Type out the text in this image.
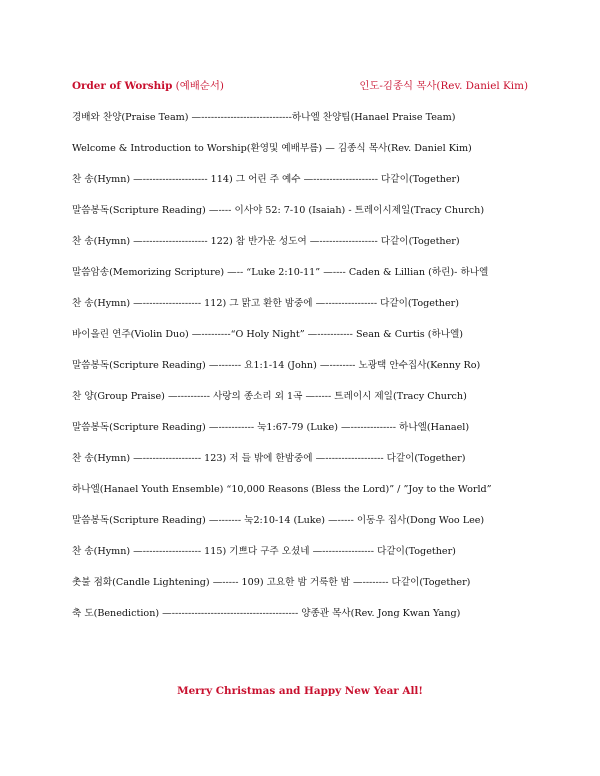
Order of Worship (예배순서)	인도-김종식 목사(Rev. Daniel Kim)
경배와 찬양(Praise Team) —----------------------------하나엘 찬양팀(Hanael Praise Team)
Welcome & Introduction to Worship(환영및 예배부름) — 김종식 목사(Rev. Daniel Kim)
찬 송(Hymn) —-------------------- 114) 그 어린 주 예수 —-------------------- 다같이(Together)
말씀봉독(Scripture Reading) —---- 이사야 52: 7-10 (Isaiah) - 트레이시제일(Tracy Church)
찬 송(Hymn) —-------------------- 122) 참 반가운 성도여 —------------------ 다같이(Together)
말씀암송(Memorizing Scripture) —-- “Luke 2:10-11” —---- Caden & Lillian (하린)- 하나엘
찬 송(Hymn) —------------------ 112) 그 맑고 환한 밤중에 —---------------- 다같이(Together)
바이올린 연주(Violin Duo) —---------“O Holy Night” —----------- Sean & Curtis (하나엘)
말씀봉독(Scripture Reading) —------- 요1:1-14 (John) —-------- 노광택 안수집사(Kenny Ro)
찬 양(Group Praise) —---------- 사랑의 종소리 외 1곡 —----- 트레이시 제일(Tracy Church)
말씀봉독(Scripture Reading) —----------- 눅1:67-79 (Luke) —-------------- 하나엘(Hanael)
찬 송(Hymn) —------------------ 123) 저 들 밖에 한밤중에 —------------------ 다같이(Together)
하나엘(Hanael Youth Ensemble) “10,000 Reasons (Bless the Lord)” / ”Joy to the World”
말씀봉독(Scripture Reading) —------- 눅2:10-14 (Luke) —----- 이동우 집사(Dong Woo Lee)
찬 송(Hymn) —------------------ 115) 기쁘다 구주 오셨네 —---------------- 다같이(Together)
촛불 점화(Candle Lightening) —----- 109) 고요한 밤 거룩한 밤 —-------- 다같이(Together)
축 도(Benediction) —--------------------------------------- 양종관 목사(Rev. Jong Kwan Yang)
Merry Christmas and Happy New Year All!
